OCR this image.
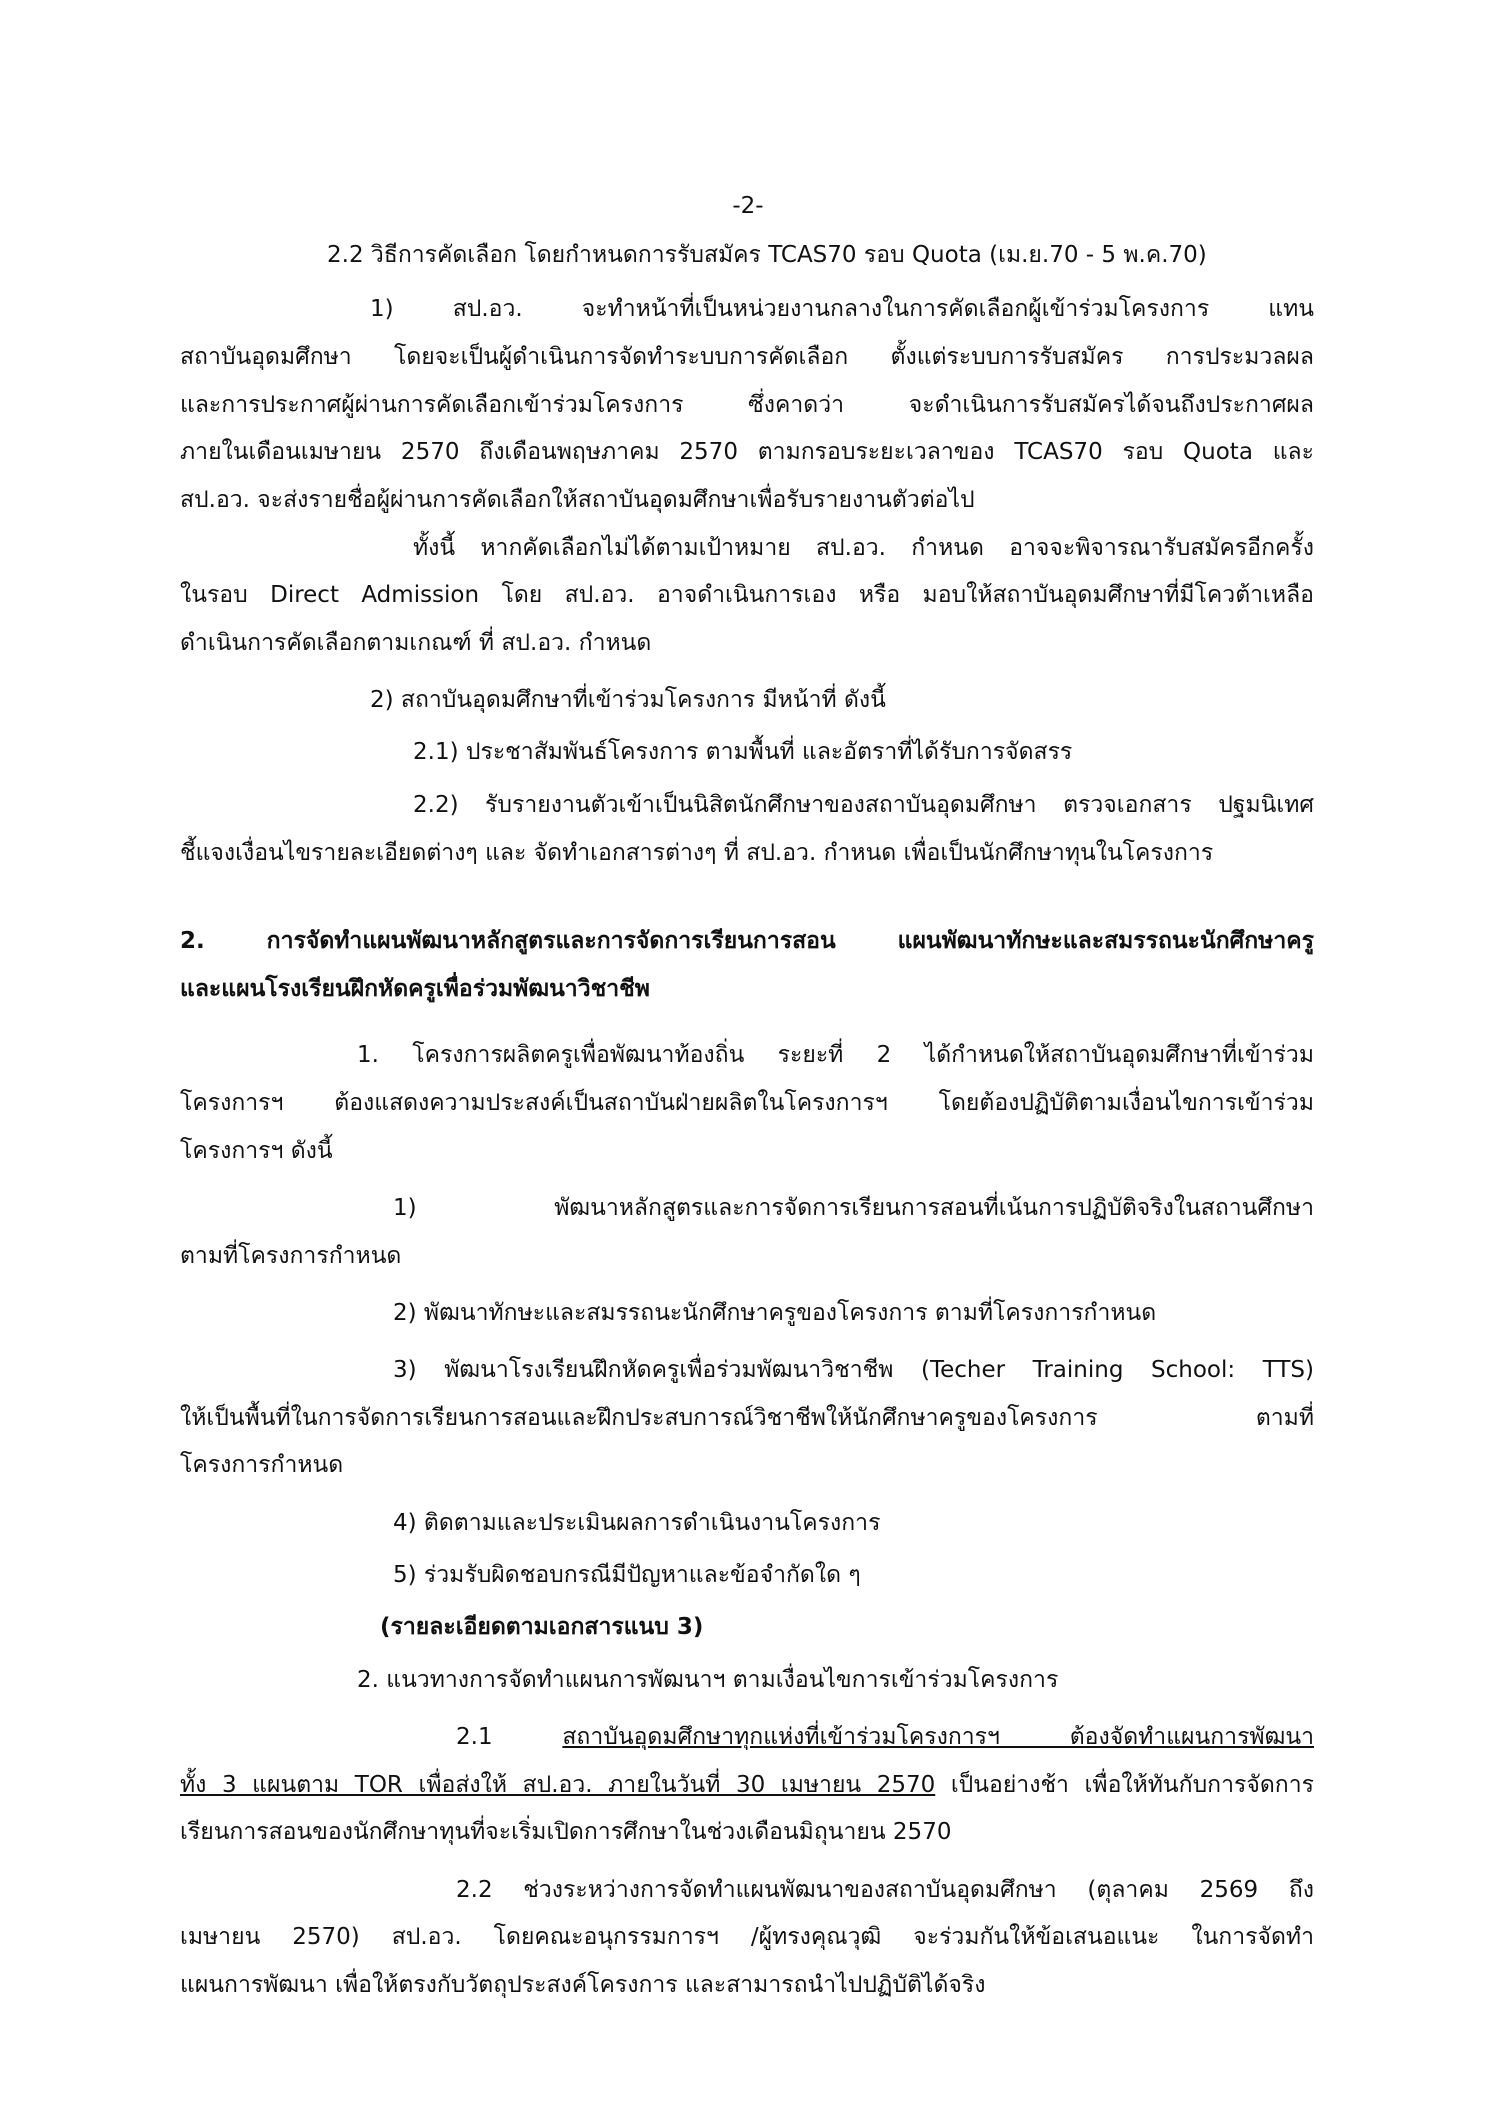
-2-
2.2 วิธีการคัดเลือก โดยกำหนดการรับสมัคร TCAS70 รอบ Quota (เม.ย.70 - 5 พ.ค.70)
1) สป.อว. จะทำหน้าที่เป็นหน่วยงานกลางในการคัดเลือกผู้เข้าร่วมโครงการ แทน
สถาบันอุดมศึกษา โดยจะเป็นผู้ดำเนินการจัดทำระบบการคัดเลือก ตั้งแต่ระบบการรับสมัคร การประมวลผล
และการประกาศผู้ผ่านการคัดเลือกเข้าร่วมโครงการ ซึ่งคาดว่า จะดำเนินการรับสมัครได้จนถึงประกาศผล
ภายในเดือนเมษายน 2570 ถึงเดือนพฤษภาคม 2570 ตามกรอบระยะเวลาของ TCAS70 รอบ Quota และ
สป.อว. จะส่งรายชื่อผู้ผ่านการคัดเลือกให้สถาบันอุดมศึกษาเพื่อรับรายงานตัวต่อไป
ทั้งนี้ หากคัดเลือกไม่ได้ตามเป้าหมาย สป.อว. กำหนด อาจจะพิจารณารับสมัครอีกครั้ง
ในรอบ Direct Admission โดย สป.อว. อาจดำเนินการเอง หรือ มอบให้สถาบันอุดมศึกษาที่มีโควต้าเหลือ
ดำเนินการคัดเลือกตามเกณฑ์ ที่ สป.อว. กำหนด
2) สถาบันอุดมศึกษาที่เข้าร่วมโครงการ มีหน้าที่ ดังนี้
2.1) ประชาสัมพันธ์โครงการ ตามพื้นที่ และอัตราที่ได้รับการจัดสรร
2.2) รับรายงานตัวเข้าเป็นนิสิตนักศึกษาของสถาบันอุดมศึกษา ตรวจเอกสาร ปฐมนิเทศ
ชี้แจงเงื่อนไขรายละเอียดต่างๆ และ จัดทำเอกสารต่างๆ ที่ สป.อว. กำหนด เพื่อเป็นนักศึกษาทุนในโครงการ
2. การจัดทำแผนพัฒนาหลักสูตรและการจัดการเรียนการสอน แผนพัฒนาทักษะและสมรรถนะนักศึกษาครู
และแผนโรงเรียนฝึกหัดครูเพื่อร่วมพัฒนาวิชาชีพ
1. โครงการผลิตครูเพื่อพัฒนาท้องถิ่น ระยะที่ 2 ได้กำหนดให้สถาบันอุดมศึกษาที่เข้าร่วม
โครงการฯ ต้องแสดงความประสงค์เป็นสถาบันฝ่ายผลิตในโครงการฯ โดยต้องปฏิบัติตามเงื่อนไขการเข้าร่วม
โครงการฯ ดังนี้
1) พัฒนาหลักสูตรและการจัดการเรียนการสอนที่เน้นการปฏิบัติจริงในสถานศึกษา
ตามที่โครงการกำหนด
2) พัฒนาทักษะและสมรรถนะนักศึกษาครูของโครงการ ตามที่โครงการกำหนด
3) พัฒนาโรงเรียนฝึกหัดครูเพื่อร่วมพัฒนาวิชาชีพ (Techer Training School: TTS)
ให้เป็นพื้นที่ในการจัดการเรียนการสอนและฝึกประสบการณ์วิชาชีพให้นักศึกษาครูของโครงการ ตามที่
โครงการกำหนด
4) ติดตามและประเมินผลการดำเนินงานโครงการ
5) ร่วมรับผิดชอบกรณีมีปัญหาและข้อจำกัดใด ๆ
(รายละเอียดตามเอกสารแนบ 3)
2. แนวทางการจัดทำแผนการพัฒนาฯ ตามเงื่อนไขการเข้าร่วมโครงการ
2.1 สถาบันอุดมศึกษาทุกแห่งที่เข้าร่วมโครงการฯ ต้องจัดทำแผนการพัฒนา
ทั้ง 3 แผนตาม TOR เพื่อส่งให้ สป.อว. ภายในวันที่ 30 เมษายน 2570 เป็นอย่างช้า เพื่อให้ทันกับการจัดการ
เรียนการสอนของนักศึกษาทุนที่จะเริ่มเปิดการศึกษาในช่วงเดือนมิถุนายน 2570
2.2 ช่วงระหว่างการจัดทำแผนพัฒนาของสถาบันอุดมศึกษา (ตุลาคม 2569 ถึง
เมษายน 2570) สป.อว. โดยคณะอนุกรรมการฯ /ผู้ทรงคุณวุฒิ จะร่วมกันให้ข้อเสนอแนะ ในการจัดทำ
แผนการพัฒนา เพื่อให้ตรงกับวัตถุประสงค์โครงการ และสามารถนำไปปฏิบัติได้จริง
